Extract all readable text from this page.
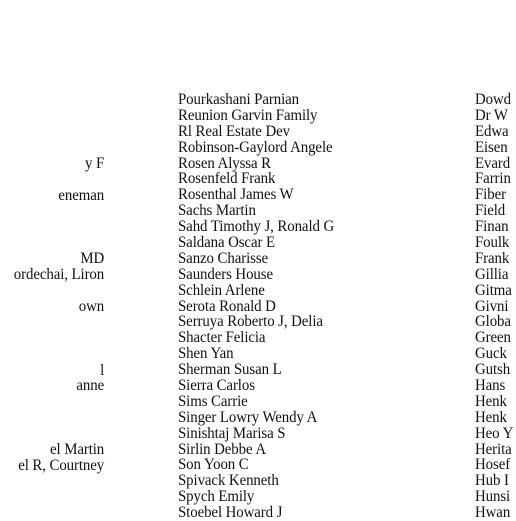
y F
eneman
MD
ordechai, Liron
own
l
anne
el Martin
el R, Courtney
Pourkashani Parnian
Reunion Garvin Family
Rl Real Estate Dev
Robinson-Gaylord Angele
Rosen Alyssa R
Rosenfeld Frank
Rosenthal James W
Sachs Martin
Sahd Timothy J, Ronald G
Saldana Oscar E
Sanzo Charisse
Saunders House
Schlein Arlene
Serota Ronald D
Serruya Roberto J, Delia
Shacter Felicia
Shen Yan
Sherman Susan L
Sierra Carlos
Sims Carrie
Singer Lowry Wendy A
Sinishtaj Marisa S
Sirlin Debbe A
Son Yoon C
Spivack Kenneth
Spych Emily
Stoebel Howard J
Dowd
Dr W
Edwa
Eisen
Evard
Farrin
Fiber
Field
Finan
Foulk
Frank
Gillia
Gitma
Givni
Globa
Green
Guck
Gutsh
Hans
Henk
Henk
Heo Y
Herita
Hosef
Hub I
Hunsi
Hwan
